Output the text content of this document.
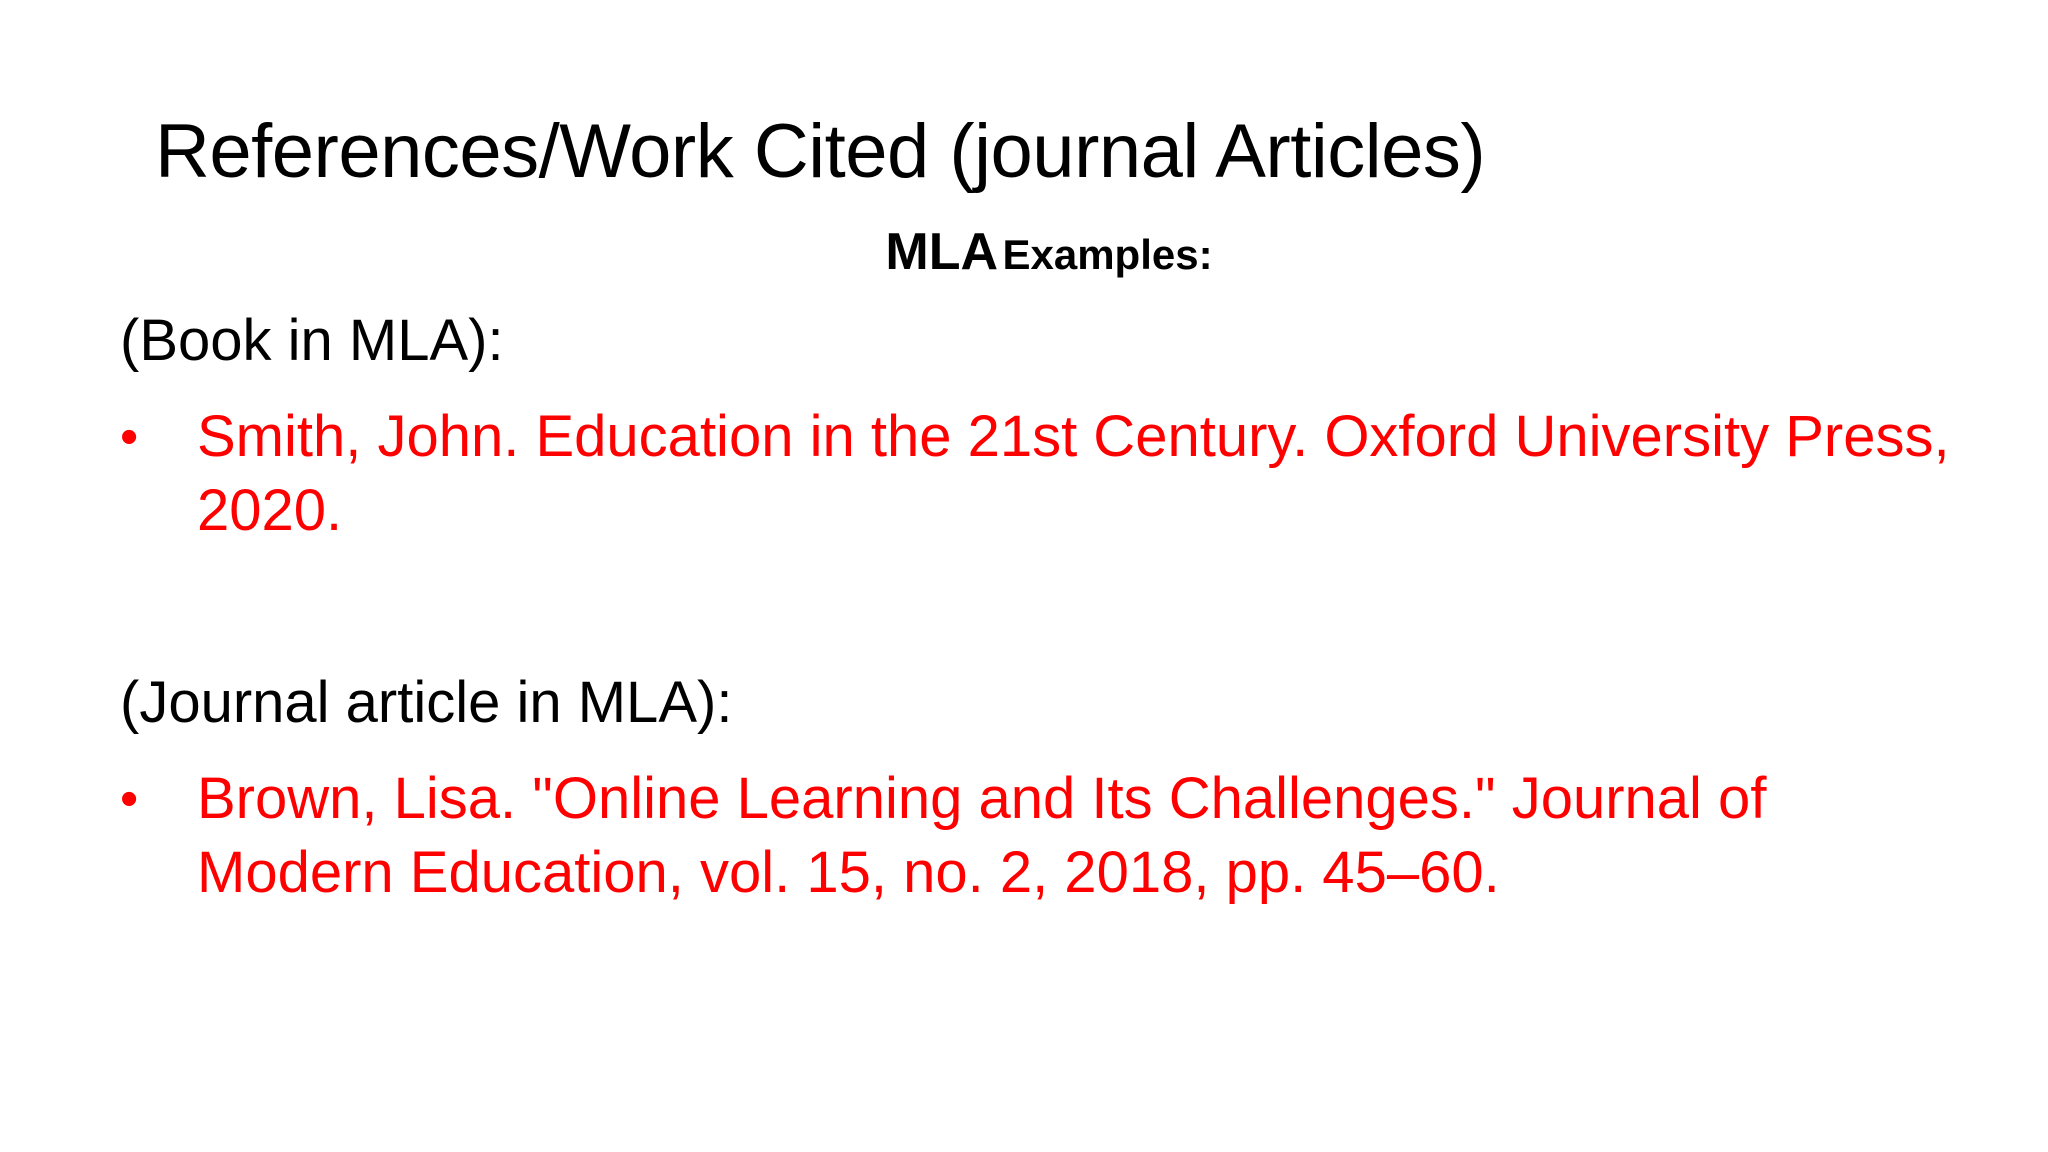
References/Work Cited (journal Articles)
MLA Examples:
(Book in MLA):
•	Smith, John. Education in the 21st Century. Oxford University Press, 2020.
(Journal article in MLA):
•	Brown, Lisa. "Online Learning and Its Challenges." Journal of Modern Education, vol. 15, no. 2, 2018, pp. 45–60.
